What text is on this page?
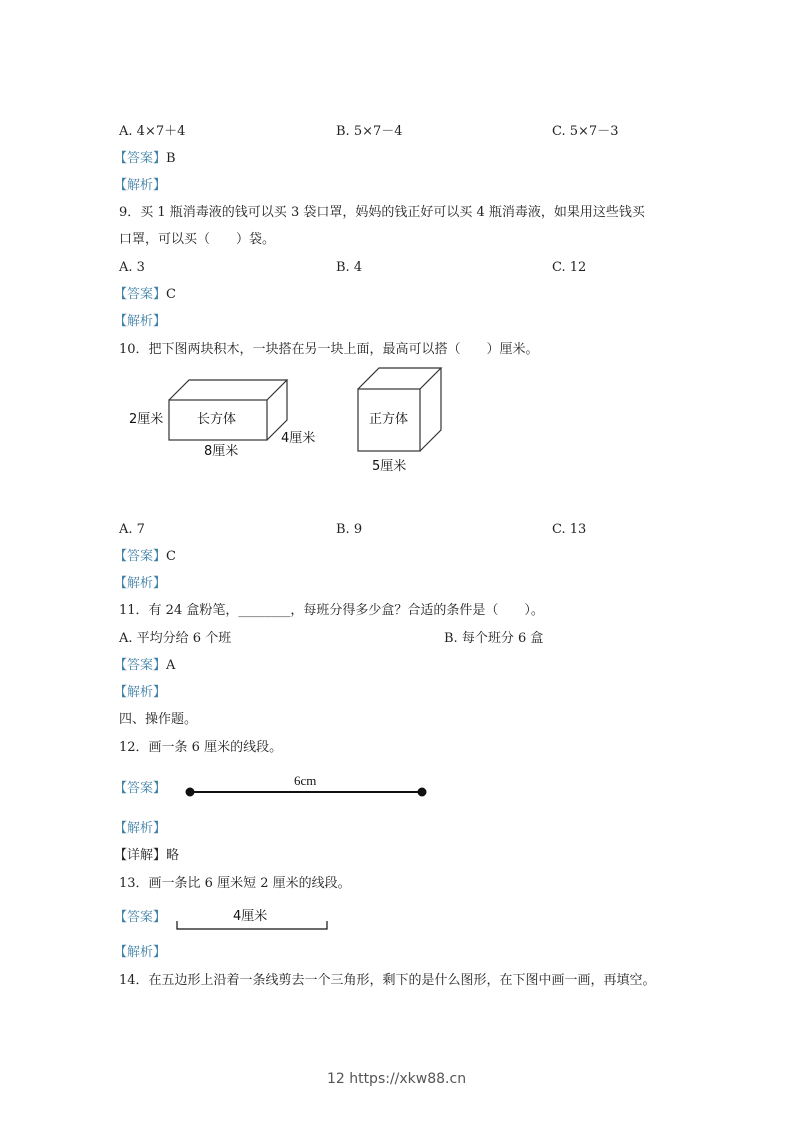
A. 4×7＋4	B. 5×7－4	C. 5×7－3
【答案】B
【解析】
9．买 1 瓶消毒液的钱可以买 3 袋口罩，妈妈的钱正好可以买 4 瓶消毒液，如果用这些钱买
口罩，可以买（　　）袋。
A. 3	B. 4	C. 12
【答案】C
【解析】
10．把下图两块积木，一块搭在另一块上面，最高可以搭（　　）厘米。
长方体
2厘米
8厘米
4厘米
正方体
5厘米
A. 7	B. 9	C. 13
【答案】C
【解析】
11．有 24 盒粉笔，________，每班分得多少盒？合适的条件是（　　）。
A. 平均分给 6 个班	B. 每个班分 6 盒
【答案】A
【解析】
四、操作题。
12．画一条 6 厘米的线段。
【答案】
6cm
【解析】
【详解】略
13．画一条比 6 厘米短 2 厘米的线段。
【答案】	4厘米
【解析】
14．在五边形上沿着一条线剪去一个三角形，剩下的是什么图形，在下图中画一画，再填空。
12 https://xkw88.cn
